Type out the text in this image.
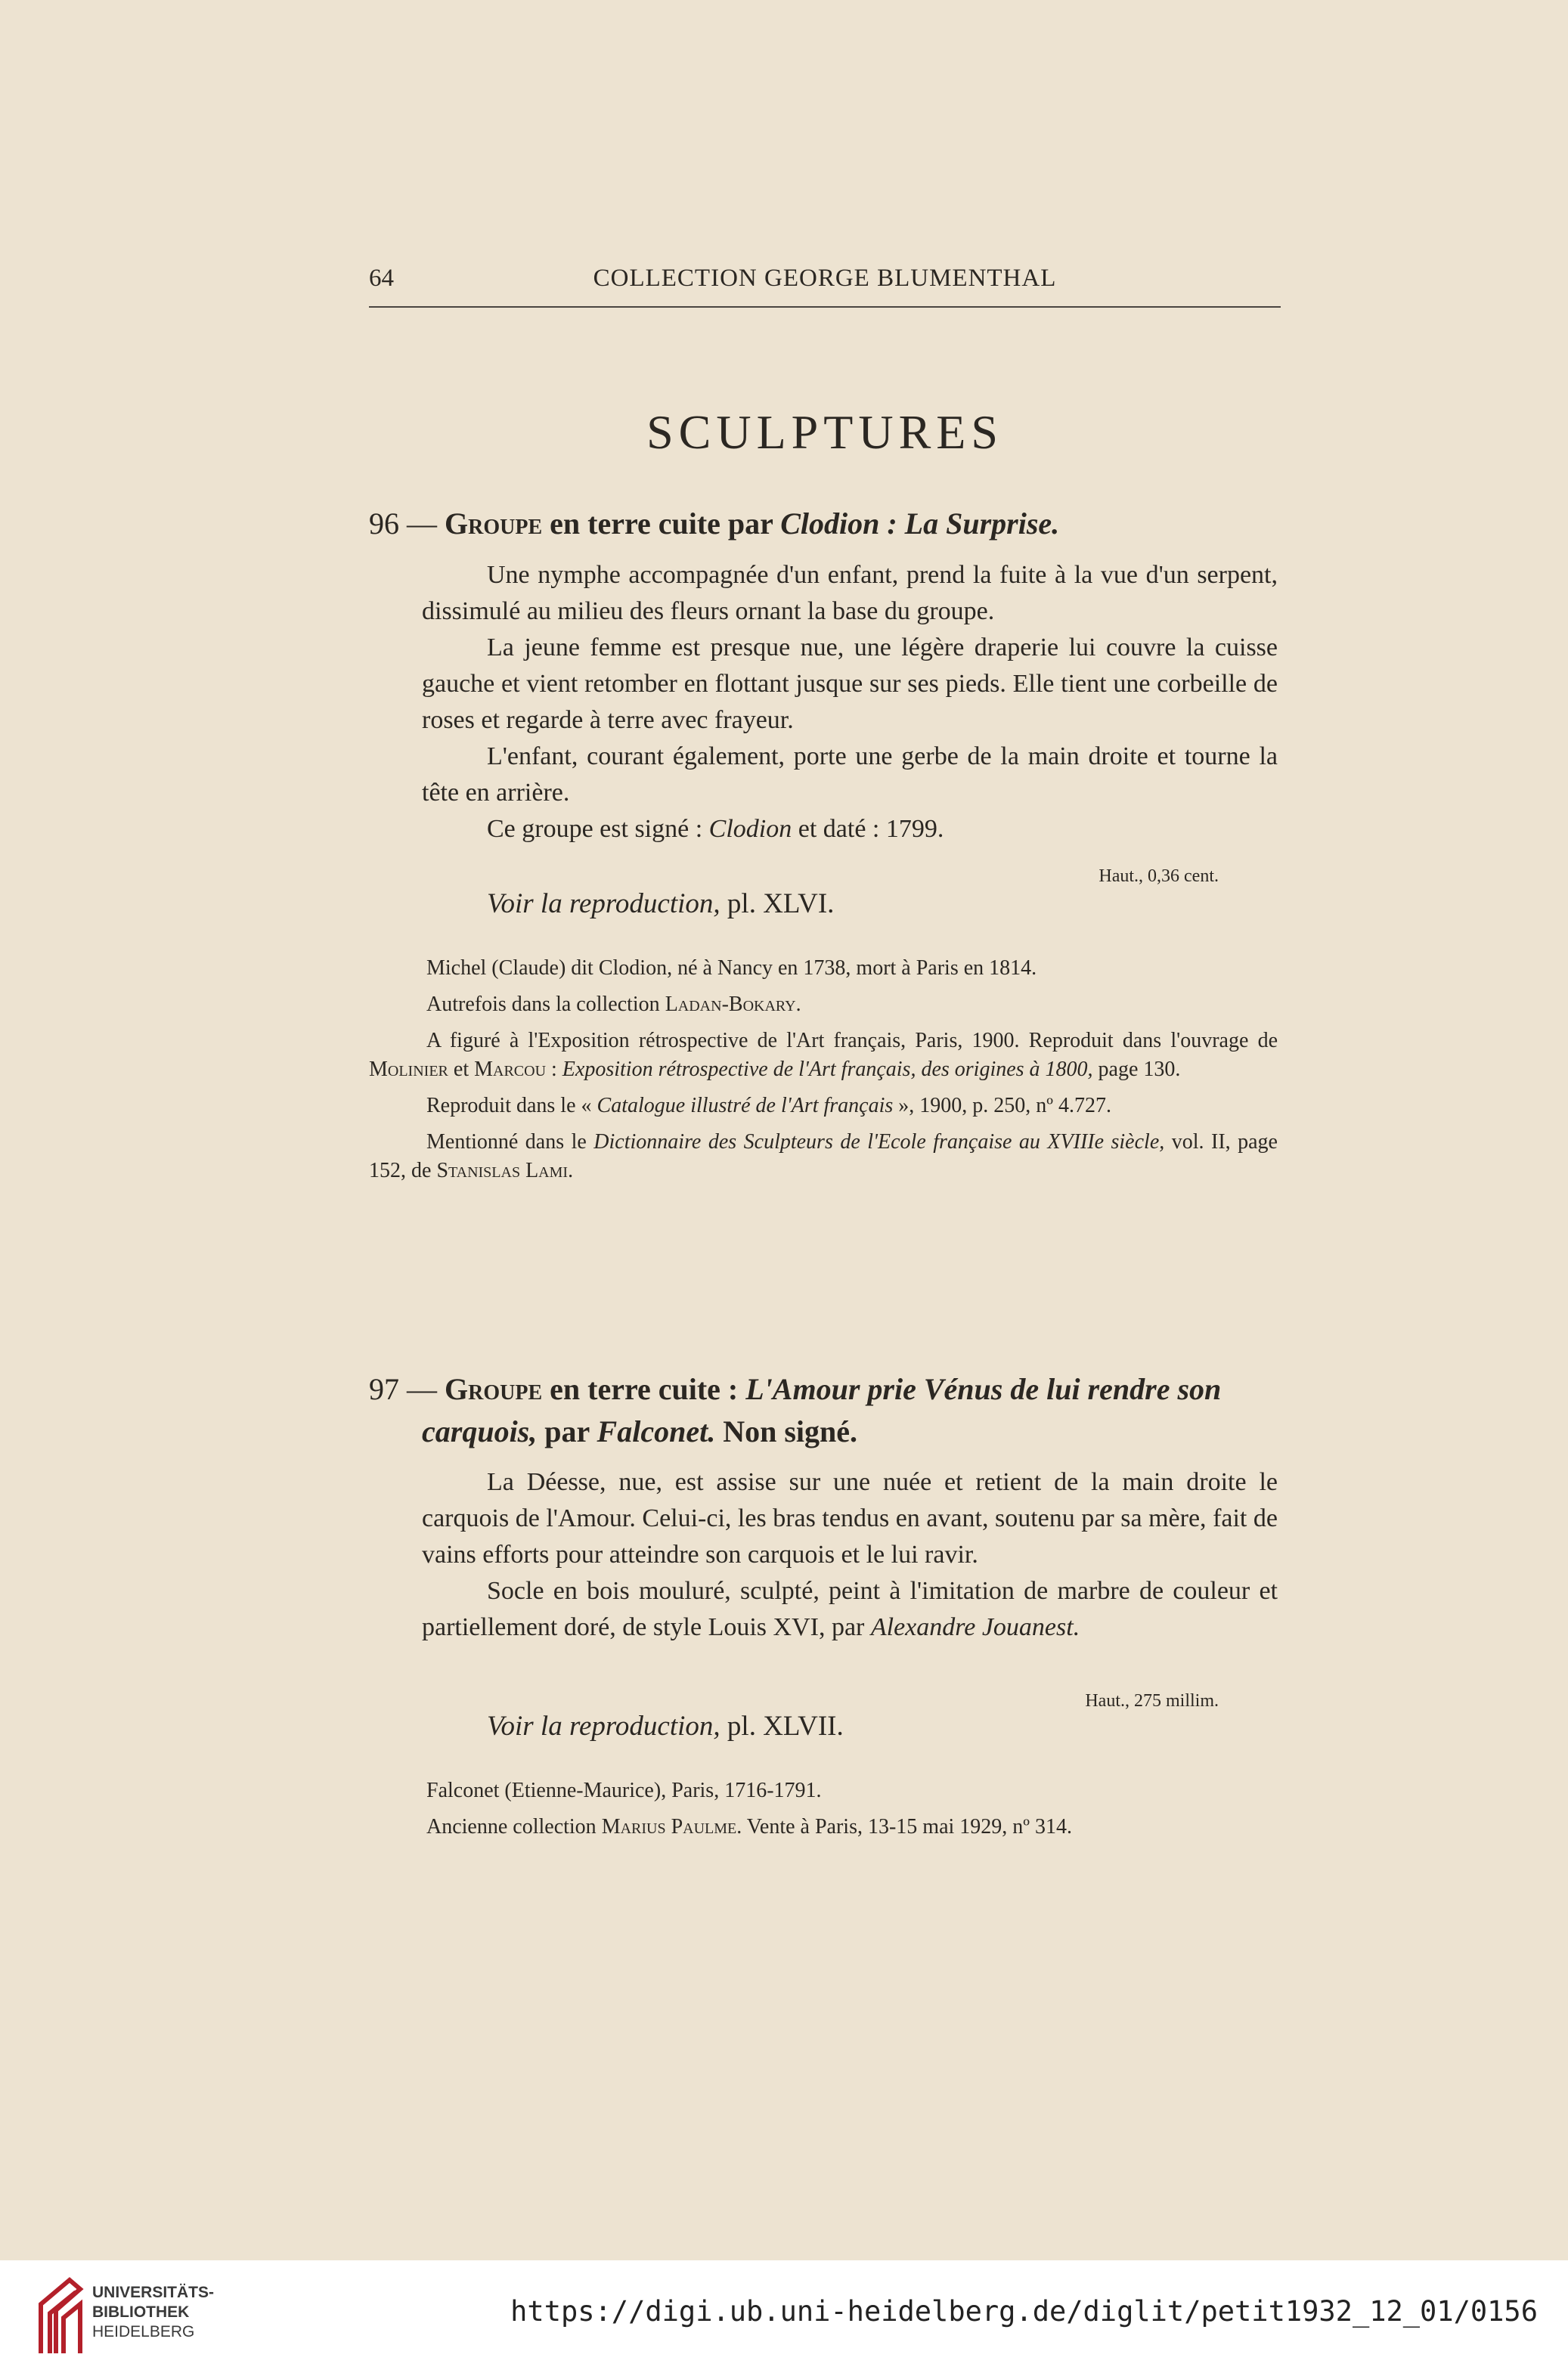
64	COLLECTION GEORGE BLUMENTHAL
SCULPTURES
96 — Groupe en terre cuite par Clodion : La Surprise.

Une nymphe accompagnée d'un enfant, prend la fuite à la vue d'un serpent, dissimulé au milieu des fleurs ornant la base du groupe.

La jeune femme est presque nue, une légère draperie lui couvre la cuisse gauche et vient retomber en flottant jusque sur ses pieds. Elle tient une corbeille de roses et regarde à terre avec frayeur.

L'enfant, courant également, porte une gerbe de la main droite et tourne la tête en arrière.

Ce groupe est signé : Clodion et daté : 1799.

Haut., 0,36 cent.
Voir la reproduction, pl. XLVI.

Michel (Claude) dit Clodion, né à Nancy en 1738, mort à Paris en 1814.

Autrefois dans la collection Ladan-Bokary.

A figuré à l'Exposition rétrospective de l'Art français, Paris, 1900. Reproduit dans l'ouvrage de Molinier et Marcou : Exposition rétrospective de l'Art français, des origines à 1800, page 130.

Reproduit dans le « Catalogue illustré de l'Art français », 1900, p. 250, nº 4.727.

Mentionné dans le Dictionnaire des Sculpteurs de l'Ecole française au XVIIIe siècle, vol. II, page 152, de Stanislas Lami.

97 — Groupe en terre cuite : L'Amour prie Vénus de lui rendre son carquois, par Falconet. Non signé.

La Déesse, nue, est assise sur une nuée et retient de la main droite le carquois de l'Amour. Celui-ci, les bras tendus en avant, soutenu par sa mère, fait de vains efforts pour atteindre son carquois et le lui ravir.

Socle en bois mouluré, sculpté, peint à l'imitation de marbre de couleur et partiellement doré, de style Louis XVI, par Alexandre Jouanest.

Haut., 275 millim.
Voir la reproduction, pl. XLVII.

Falconet (Etienne-Maurice), Paris, 1716-1791.

Ancienne collection Marius Paulme. Vente à Paris, 13-15 mai 1929, nº 314.

UNIVERSITÄTS-
BIBLIOTHEK
HEIDELBERG
https://digi.ub.uni-heidelberg.de/diglit/petit1932_12_01/0156
